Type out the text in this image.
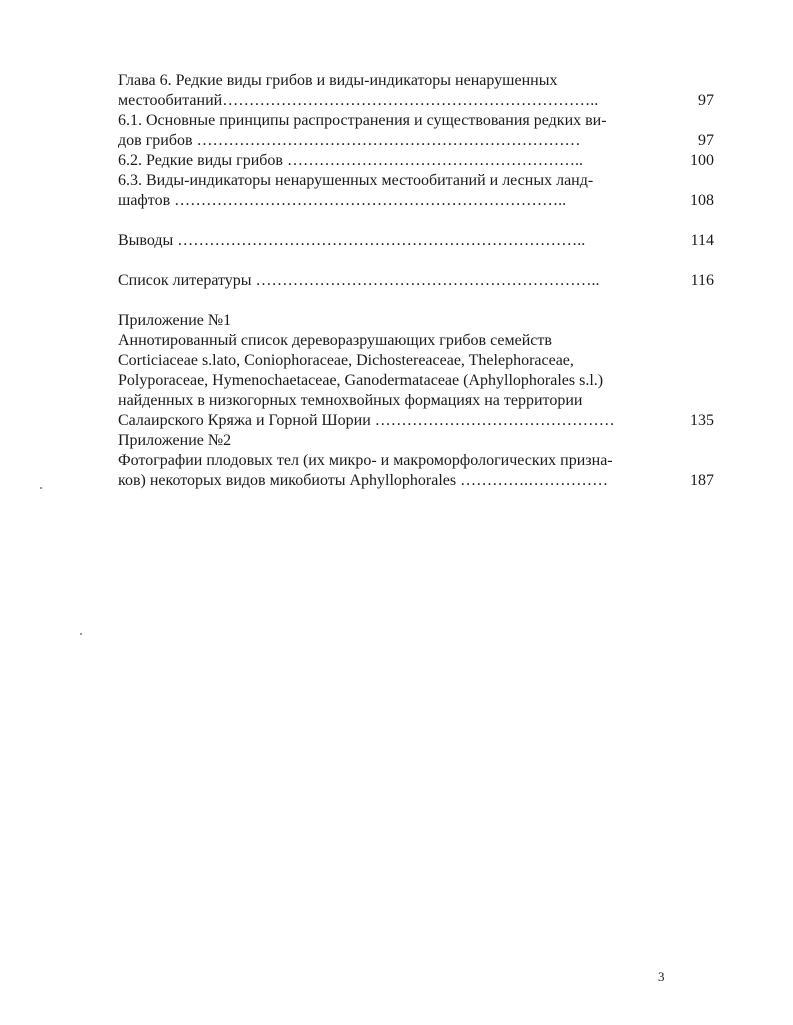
Глава 6. Редкие виды грибов и виды-индикаторы ненарушенных
местообитаний……………………………………………………………..	97
6.1. Основные принципы распространения и существования редких ви-
дов грибов ………………………………………………………………	97
6.2. Редкие виды грибов ………………………………………………..	100
6.3. Виды-индикаторы ненарушенных местообитаний и лесных ланд-
шафтов ………………………………………………………………..	108
Выводы …………………………………………………………………..	114
Список литературы ………………………………………………………..	116
Приложение №1
Аннотированный список дереворазрушающих грибов семейств
Corticiaceae s.lato, Coniophoraceae, Dichostereaceae, Thelephoraceae,
Polyporaceae, Hymenochaetaceae, Ganodermataceae (Aphyllophorales s.l.)
найденных в низкогорных темнохвойных формациях на территории
Салаирского Кряжа и Горной Шории ………………………………………	135
Приложение №2
Фотографии плодовых тел (их микро- и макроморфологических призна-
ков) некоторых видов микобиоты Aphyllophorales ………….……………	187
3
